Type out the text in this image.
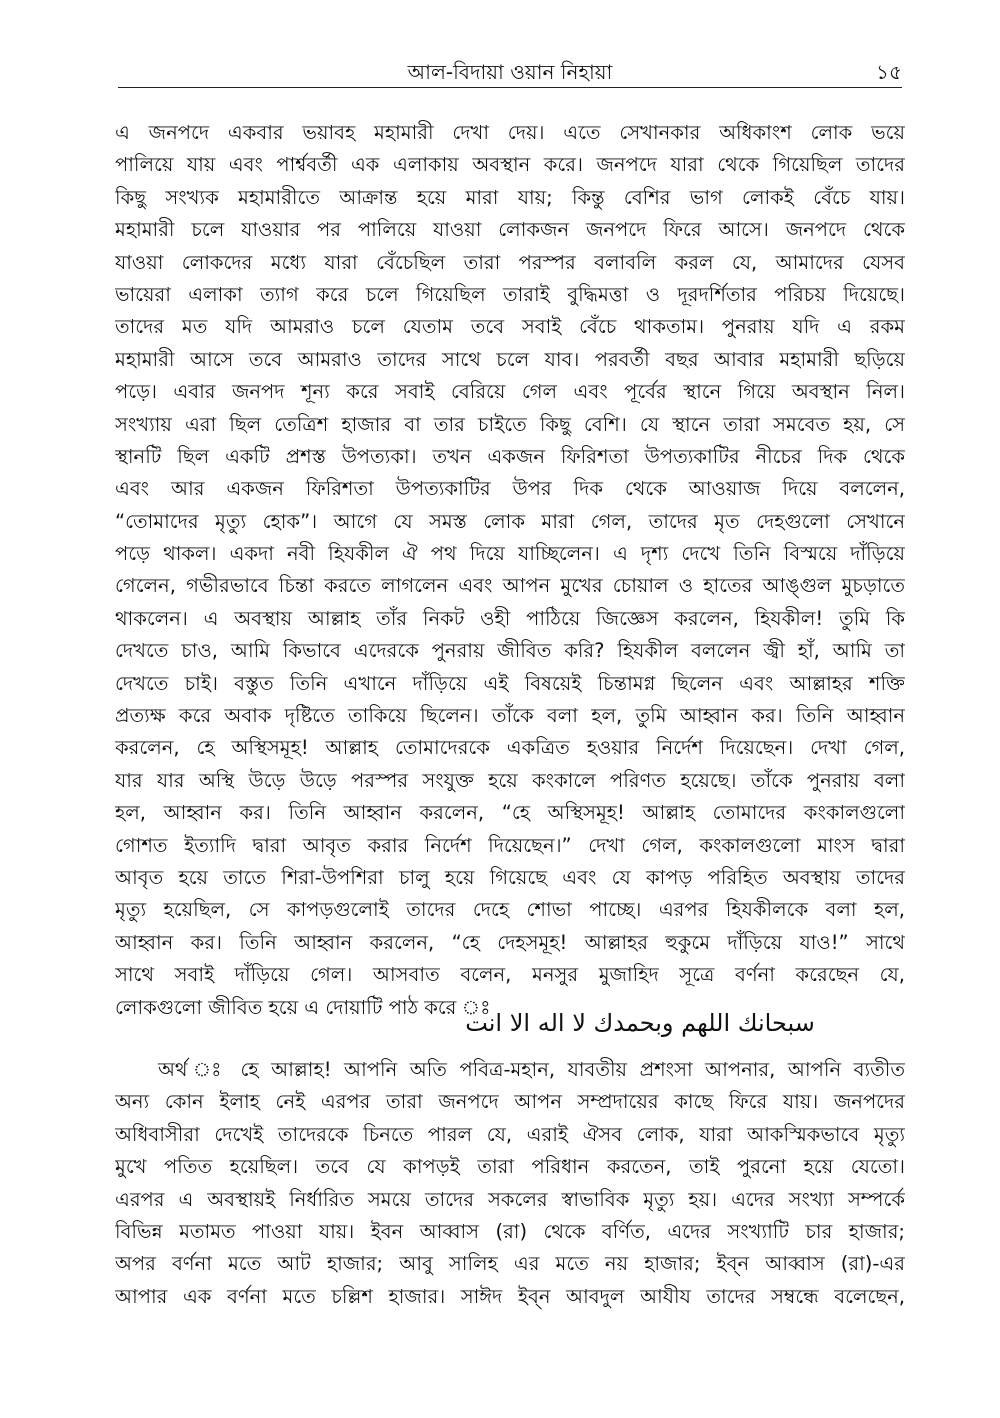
আল-বিদায়া ওয়ান নিহায়া	১৫
এ জনপদে একবার ভয়াবহ মহামারী দেখা দেয়। এতে সেখানকার অধিকাংশ লোক ভয়ে
পালিয়ে যায় এবং পার্শ্ববর্তী এক এলাকায় অবস্থান করে। জনপদে যারা থেকে গিয়েছিল তাদের
কিছু সংখ্যক মহামারীতে আক্রান্ত হয়ে মারা যায়; কিন্তু বেশির ভাগ লোকই বেঁচে যায়।
মহামারী চলে যাওয়ার পর পালিয়ে যাওয়া লোকজন জনপদে ফিরে আসে। জনপদে থেকে
যাওয়া লোকদের মধ্যে যারা বেঁচেছিল তারা পরস্পর বলাবলি করল যে, আমাদের যেসব
ভায়েরা এলাকা ত্যাগ করে চলে গিয়েছিল তারাই বুদ্ধিমত্তা ও দূরদর্শিতার পরিচয় দিয়েছে।
তাদের মত যদি আমরাও চলে যেতাম তবে সবাই বেঁচে থাকতাম। পুনরায় যদি এ রকম
মহামারী আসে তবে আমরাও তাদের সাথে চলে যাব। পরবর্তী বছর আবার মহামারী ছড়িয়ে
পড়ে। এবার জনপদ শূন্য করে সবাই বেরিয়ে গেল এবং পূর্বের স্থানে গিয়ে অবস্থান নিল।
সংখ্যায় এরা ছিল তেত্রিশ হাজার বা তার চাইতে কিছু বেশি। যে স্থানে তারা সমবেত হয়, সে
স্থানটি ছিল একটি প্রশস্ত উপত্যকা। তখন একজন ফিরিশতা উপত্যকাটির নীচের দিক থেকে
এবং আর একজন ফিরিশতা উপত্যকাটির উপর দিক থেকে আওয়াজ দিয়ে বললেন,
“তোমাদের মৃত্যু হোক”। আগে যে সমস্ত লোক মারা গেল, তাদের মৃত দেহগুলো সেখানে
পড়ে থাকল। একদা নবী হিযকীল ঐ পথ দিয়ে যাচ্ছিলেন। এ দৃশ্য দেখে তিনি বিস্ময়ে দাঁড়িয়ে
গেলেন, গভীরভাবে চিন্তা করতে লাগলেন এবং আপন মুখের চোয়াল ও হাতের আঙ্গুল মুচড়াতে
থাকলেন। এ অবস্থায় আল্লাহ তাঁর নিকট ওহী পাঠিয়ে জিজ্ঞেস করলেন, হিযকীল! তুমি কি
দেখতে চাও, আমি কিভাবে এদেরকে পুনরায় জীবিত করি? হিযকীল বললেন জ্বী হাঁ, আমি তা
দেখতে চাই। বস্তুত তিনি এখানে দাঁড়িয়ে এই বিষয়েই চিন্তামগ্ন ছিলেন এবং আল্লাহর শক্তি
প্রত্যক্ষ করে অবাক দৃষ্টিতে তাকিয়ে ছিলেন। তাঁকে বলা হল, তুমি আহ্বান কর। তিনি আহ্বান
করলেন, হে অস্থিসমূহ! আল্লাহ তোমাদেরকে একত্রিত হওয়ার নির্দেশ দিয়েছেন। দেখা গেল,
যার যার অস্থি উড়ে উড়ে পরস্পর সংযুক্ত হয়ে কংকালে পরিণত হয়েছে। তাঁকে পুনরায় বলা
হল, আহ্বান কর। তিনি আহ্বান করলেন, “হে অস্থিসমূহ! আল্লাহ তোমাদের কংকালগুলো
গোশত ইত্যাদি দ্বারা আবৃত করার নির্দেশ দিয়েছেন।” দেখা গেল, কংকালগুলো মাংস দ্বারা
আবৃত হয়ে তাতে শিরা-উপশিরা চালু হয়ে গিয়েছে এবং যে কাপড় পরিহিত অবস্থায় তাদের
মৃত্যু হয়েছিল, সে কাপড়গুলোই তাদের দেহে শোভা পাচ্ছে। এরপর হিযকীলকে বলা হল,
আহ্বান কর। তিনি আহ্বান করলেন, “হে দেহসমূহ! আল্লাহর হুকুমে দাঁড়িয়ে যাও!” সাথে
সাথে সবাই দাঁড়িয়ে গেল। আসবাত বলেন, মনসুর মুজাহিদ সূত্রে বর্ণনা করেছেন যে,
লোকগুলো জীবিত হয়ে এ দোয়াটি পাঠ করে ঃ
سبحانك اللهم وبحمدك لا اله الا انت
অর্থ ঃ হে আল্লাহ! আপনি অতি পবিত্র-মহান, যাবতীয় প্রশংসা আপনার, আপনি ব্যতীত
অন্য কোন ইলাহ নেই এরপর তারা জনপদে আপন সম্প্রদায়ের কাছে ফিরে যায়। জনপদের
অধিবাসীরা দেখেই তাদেরকে চিনতে পারল যে, এরাই ঐসব লোক, যারা আকস্মিকভাবে মৃত্যু
মুখে পতিত হয়েছিল। তবে যে কাপড়ই তারা পরিধান করতেন, তাই পুরনো হয়ে যেতো।
এরপর এ অবস্থায়ই নির্ধারিত সময়ে তাদের সকলের স্বাভাবিক মৃত্যু হয়। এদের সংখ্যা সম্পর্কে
বিভিন্ন মতামত পাওয়া যায়। ইবন আব্বাস (রা) থেকে বর্ণিত, এদের সংখ্যাটি চার হাজার;
অপর বর্ণনা মতে আট হাজার; আবু সালিহ এর মতে নয় হাজার; ইব্ন আব্বাস (রা)-এর
আপার এক বর্ণনা মতে চল্লিশ হাজার। সাঈদ ইব্ন আবদুল আযীয তাদের সম্বন্ধে বলেছেন,
